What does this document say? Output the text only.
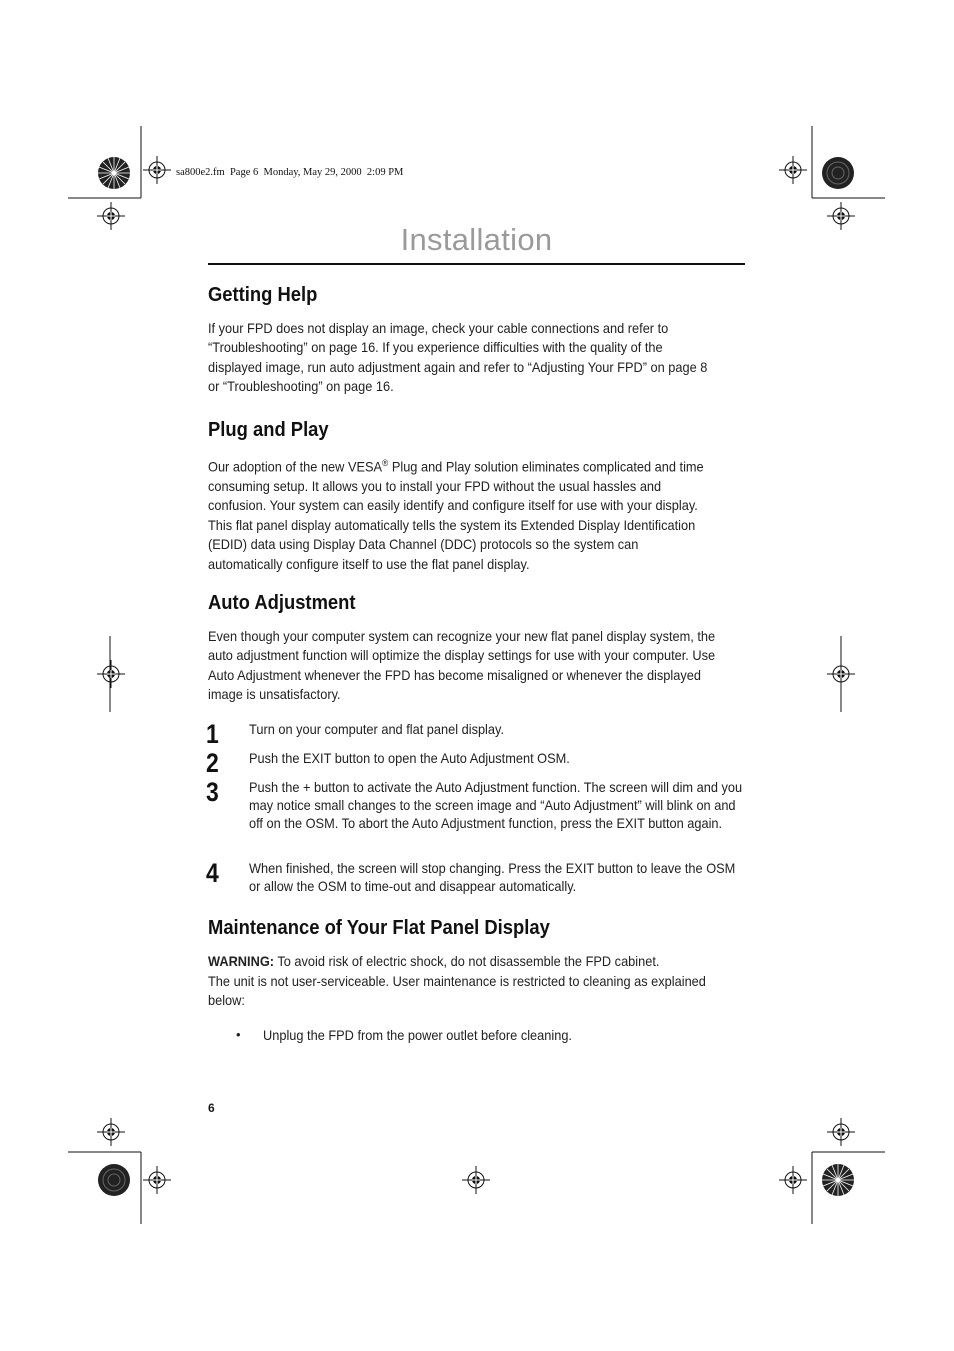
sa800e2.fm  Page 6  Monday, May 29, 2000  2:09 PM
Installation
Getting Help

If your FPD does not display an image, check your cable connections and refer to “Troubleshooting” on page 16. If you experience difficulties with the quality of the displayed image, run auto adjustment again and refer to “Adjusting Your FPD” on page 8 or “Troubleshooting” on page 16.

Plug and Play

Our adoption of the new VESA® Plug and Play solution eliminates complicated and time consuming setup. It allows you to install your FPD without the usual hassles and confusion. Your system can easily identify and configure itself for use with your display. This flat panel display automatically tells the system its Extended Display Identification (EDID) data using Display Data Channel (DDC) protocols so the system can automatically configure itself to use the flat panel display.

Auto Adjustment

Even though your computer system can recognize your new flat panel display system, the auto adjustment function will optimize the display settings for use with your computer. Use Auto Adjustment whenever the FPD has become misaligned or whenever the displayed image is unsatisfactory.

1 Turn on your computer and flat panel display.

2 Push the EXIT button to open the Auto Adjustment OSM.

3 Push the + button to activate the Auto Adjustment function. The screen will dim and you may notice small changes to the screen image and “Auto Adjustment” will blink on and off on the OSM. To abort the Auto Adjustment function, press the EXIT button again.

4 When finished, the screen will stop changing. Press the EXIT button to leave the OSM or allow the OSM to time-out and disappear automatically.

Maintenance of Your Flat Panel Display

WARNING: To avoid risk of electric shock, do not disassemble the FPD cabinet.

The unit is not user-serviceable. User maintenance is restricted to cleaning as explained below:

• Unplug the FPD from the power outlet before cleaning.

6
